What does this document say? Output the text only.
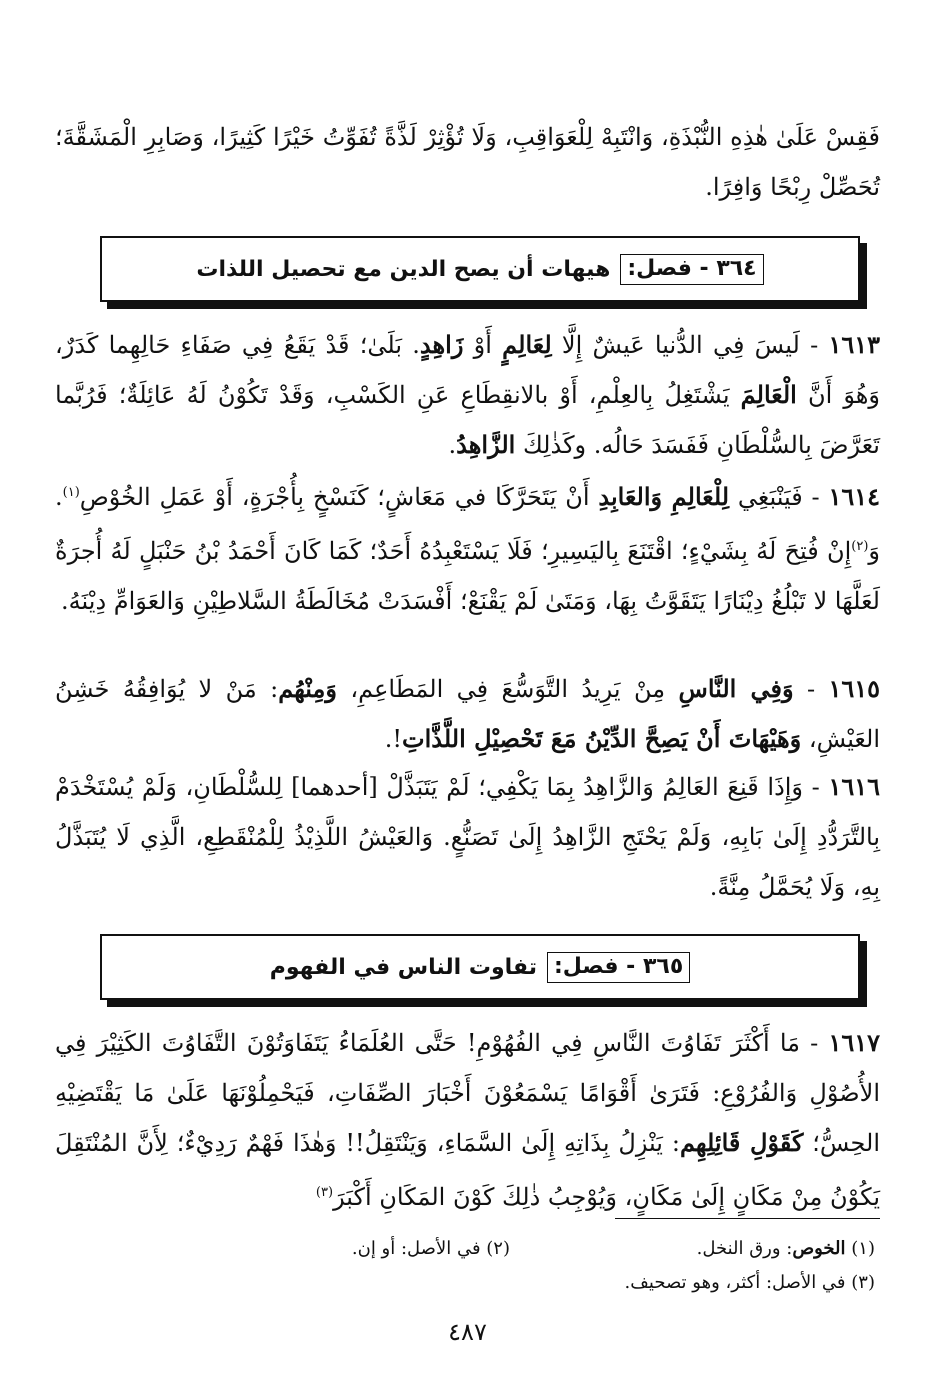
فَقِسْ عَلَىٰ هٰذِهِ النُّبْذَةِ، وَانْتَبِهْ لِلْعَوَاقِبِ، وَلَا تُؤْثِرْ لَذَّةً تُفَوِّتُ خَيْرًا كَثِيرًا، وَصَابِرِ الْمَشَقَّةَ؛ تُحَصِّلْ رِبْحًا وَافِرًا.
٣٦٤ - فصل:
هيهات أن يصح الدين مع تحصيل اللذات
١٦١٣ - لَيسَ فِي الدُّنيا عَيشٌ إِلَّا لِعَالِمٍ أَوْ زَاهِدٍ. بَلَىٰ؛ قَدْ يَقَعُ فِي صَفَاءِ حَالِهِما كَدَرٌ، وَهُوَ أَنَّ الْعَالِمَ يَشْتَغِلُ بِالعِلْمِ، أَوْ بالانقِطَاعِ عَنِ الكَسْبِ، وَقَدْ تَكُوْنُ لَهُ عَائِلَةٌ؛ فَرُبَّما تَعَرَّضَ بِالسُّلْطَانِ فَفَسَدَ حَالُه. وكَذٰلِكَ الزَّاهِدُ.
١٦١٤ - فَيَنْبَغِي لِلْعَالِمِ وَالعَابِدِ أَنْ يَتَحَرَّكَا في مَعَاشٍ؛ كَنَسْخٍ بِأُجْرَةٍ، أَوْ عَمَلِ الخُوْصِ$^{(١)}$. وَ$^{(٢)}$إِنْ فُتِحَ لَهُ بِشَيْءٍ؛ اقْتَنَعَ بِاليَسِيرِ؛ فَلَا يَسْتَعْبِدُهُ أَحَدٌ؛ كَمَا كَانَ أَحْمَدُ بْنُ حَنْبَلٍ لَهُ أُجرَةٌ لَعَلَّهَا لا تَبْلُغُ دِيْنَارًا يَتَقَوَّتُ بِهَا، وَمَتَىٰ لَمْ يَقْنَعْ؛ أَفْسَدَتْ مُخَالَطَةُ السَّلاطِيْنِ وَالعَوَامِّ دِيْنَهُ.
١٦١٥ - وَفِي النَّاسِ مِنْ يَرِيدُ التَّوَسُّعَ فِي المَطَاعِمِ، وَمِنْهُم: مَنْ لا يُوَافِقُهُ خَشِنُ العَيْشِ، وَهَيْهَاتَ أَنْ يَصِحَّ الدِّيْنُ مَعَ تَحْصِيْلِ اللَّذَّاتِ!.
١٦١٦ - وَإِذَا قَنِعَ العَالِمُ وَالزَّاهِدُ بِمَا يَكْفِي؛ لَمْ يَتَبَذَّلْ [أحدهما] لِلسُّلْطَانِ، وَلَمْ يُسْتَخْدَمْ بِالتَّرَدُّدِ إِلَىٰ بَابِهِ، وَلَمْ يَحْتَجِ الزَّاهِدُ إِلَىٰ تَصَنُّعٍ. وَالعَيْشُ اللَّذِيْذُ لِلْمُنْقَطِعِ، الَّذِي لَا يُتَبَذَّلُ بِهِ، وَلَا يُحَمَّلُ مِنَّةً.
٣٦٥ - فصل:
تفاوت الناس في الفهوم
١٦١٧ - مَا أَكْثَرَ تَفَاوُتَ النَّاسِ فِي الفُهُوْمِ! حَتَّى العُلَمَاءُ يَتَفَاوَتُوْنَ التَّفَاوُتَ الكَثِيْرَ فِي الأُصُوْلِ وَالفُرُوْعِ: فَتَرَىٰ أَقْوَامًا يَسْمَعُوْنَ أَخْبَارَ الصِّفَاتِ، فَيَحْمِلُوْنَهَا عَلَىٰ مَا يَقْتَضِيْهِ الحِسُّ؛ كَقَوْلِ قَائِلِهِم: يَنْزِلُ بِذَاتِهِ إِلَىٰ السَّمَاءِ، وَيَنْتَقِلُ!! وَهٰذَا فَهْمٌ رَدِيْءٌ؛ لِأَنَّ المُنْتَقِلَ يَكُوْنُ مِنْ مَكَانٍ إِلَىٰ مَكَانٍ، وَيُوْجِبُ ذٰلِكَ كَوْنَ المَكَانِ أَكْبَرَ$^{(٣)}$
(١) الخوص: ورق النخل.
(٢) في الأصل: أو إن.
(٣) في الأصل: أكثر، وهو تصحيف.
٤٨٧
